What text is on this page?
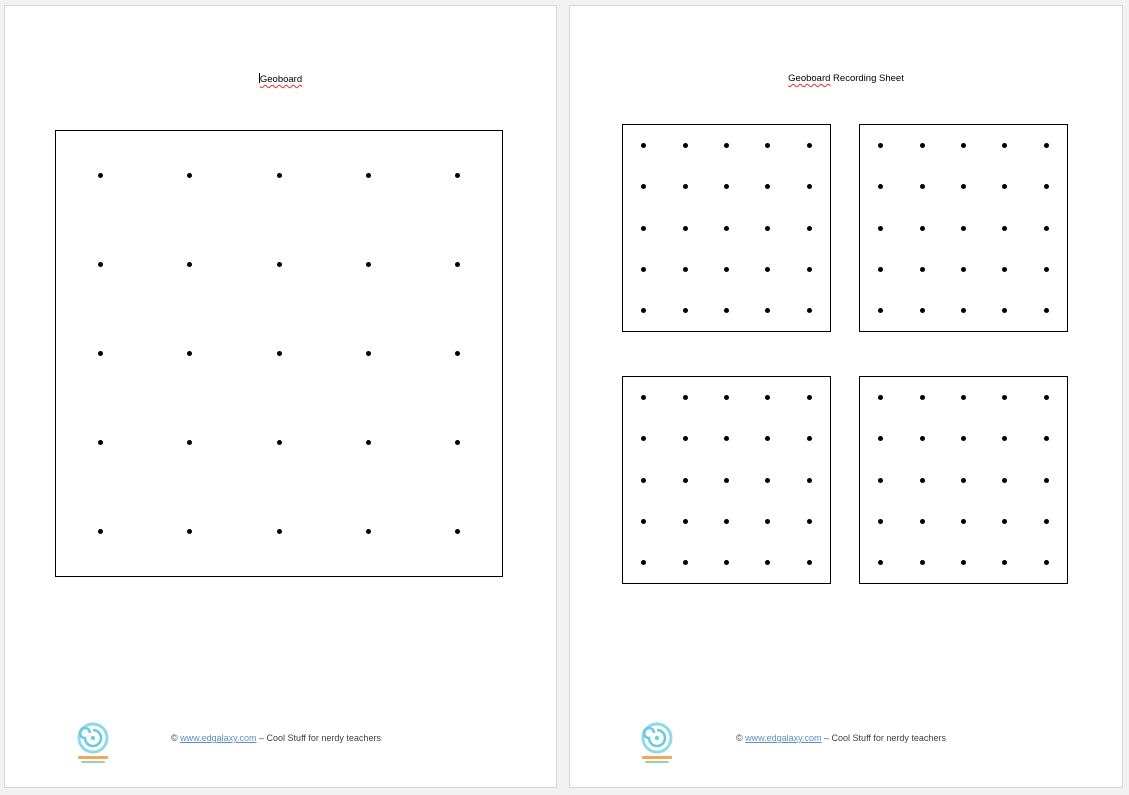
Geoboard
© www.edgalaxy.com – Cool Stuff for nerdy teachers
Geoboard Recording Sheet
© www.edgalaxy.com – Cool Stuff for nerdy teachers
